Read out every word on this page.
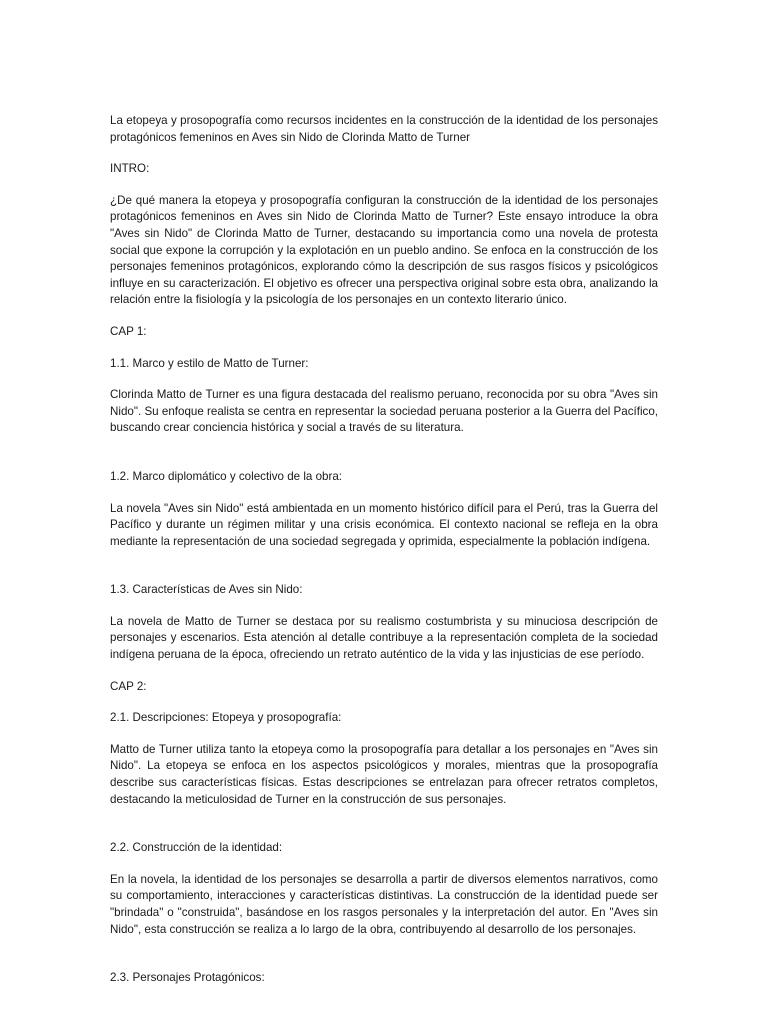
La etopeya y prosopografía como recursos incidentes en la construcción de la identidad de los personajes protagónicos femeninos en Aves sin Nido de Clorinda Matto de Turner

INTRO:

¿De qué manera la etopeya y prosopografía configuran la construcción de la identidad de los personajes protagónicos femeninos en Aves sin Nido de Clorinda Matto de Turner? Este ensayo introduce la obra "Aves sin Nido" de Clorinda Matto de Turner, destacando su importancia como una novela de protesta social que expone la corrupción y la explotación en un pueblo andino. Se enfoca en la construcción de los personajes femeninos protagónicos, explorando cómo la descripción de sus rasgos físicos y psicológicos influye en su caracterización. El objetivo es ofrecer una perspectiva original sobre esta obra, analizando la relación entre la fisiología y la psicología de los personajes en un contexto literario único.

CAP 1:

1.1. Marco y estilo de Matto de Turner:

Clorinda Matto de Turner es una figura destacada del realismo peruano, reconocida por su obra "Aves sin Nido". Su enfoque realista se centra en representar la sociedad peruana posterior a la Guerra del Pacífico, buscando crear conciencia histórica y social a través de su literatura.

1.2. Marco diplomático y colectivo de la obra:

La novela "Aves sin Nido" está ambientada en un momento histórico difícil para el Perú, tras la Guerra del Pacífico y durante un régimen militar y una crisis económica. El contexto nacional se refleja en la obra mediante la representación de una sociedad segregada y oprimida, especialmente la población indígena.

1.3. Características de Aves sin Nido:

La novela de Matto de Turner se destaca por su realismo costumbrista y su minuciosa descripción de personajes y escenarios. Esta atención al detalle contribuye a la representación completa de la sociedad indígena peruana de la época, ofreciendo un retrato auténtico de la vida y las injusticias de ese período.

CAP 2:

2.1. Descripciones: Etopeya y prosopografía:

Matto de Turner utiliza tanto la etopeya como la prosopografía para detallar a los personajes en "Aves sin Nido". La etopeya se enfoca en los aspectos psicológicos y morales, mientras que la prosopografía describe sus características físicas. Estas descripciones se entrelazan para ofrecer retratos completos, destacando la meticulosidad de Turner en la construcción de sus personajes.

2.2. Construcción de la identidad:

En la novela, la identidad de los personajes se desarrolla a partir de diversos elementos narrativos, como su comportamiento, interacciones y características distintivas. La construcción de la identidad puede ser "brindada" o "construida", basándose en los rasgos personales y la interpretación del autor. En "Aves sin Nido", esta construcción se realiza a lo largo de la obra, contribuyendo al desarrollo de los personajes.

2.3. Personajes Protagónicos:
